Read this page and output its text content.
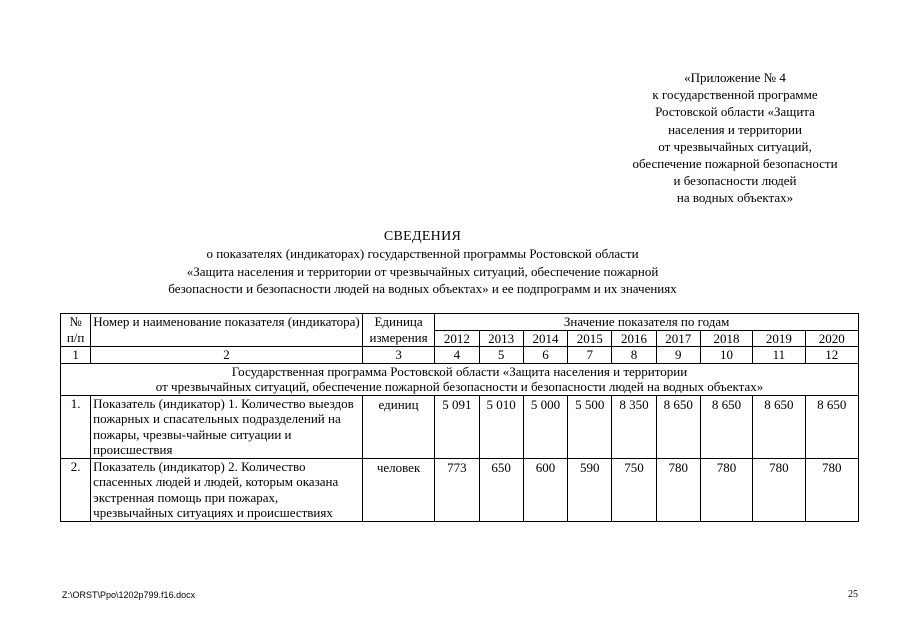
«Приложение № 4
к государственной программе
Ростовской области «Защита
населения и территории
от чрезвычайных ситуаций,
обеспечение пожарной безопасности
и безопасности людей
на водных объектах»
СВЕДЕНИЯ
о показателях (индикаторах) государственной программы Ростовской области
«Защита населения и территории от чрезвычайных ситуаций, обеспечение пожарной
безопасности и безопасности людей на водных объектах» и ее подпрограмм и их значениях
№ п/п	Номер и наименование показателя (индикатора)	Единица измерения	Значение показателя по годам								
			2012	2013	2014	2015	2016	2017	2018	2019	2020
1	2	3	4	5	6	7	8	9	10	11	12

Государственная программа Ростовской области «Защита населения и территории
от чрезвычайных ситуаций, обеспечение пожарной безопасности и безопасности людей на водных объектах»											

1.	Показатель (индикатор) 1. Количество выездов пожарных и спасательных подразделений на пожары, чрезвы-чайные ситуации и происшествия	единиц	5 091	5 010	5 000	5 500	8 350	8 650	8 650	8 650	8 650
2.	Показатель (индикатор) 2. Количество спасенных людей и людей, которым оказана экстренная помощь при пожарах, чрезвычайных ситуациях и происшествиях	человек	773	650	600	590	750	780	780	780	780
Z:\ORST\Ppo\1202p799.f16.docx	25
